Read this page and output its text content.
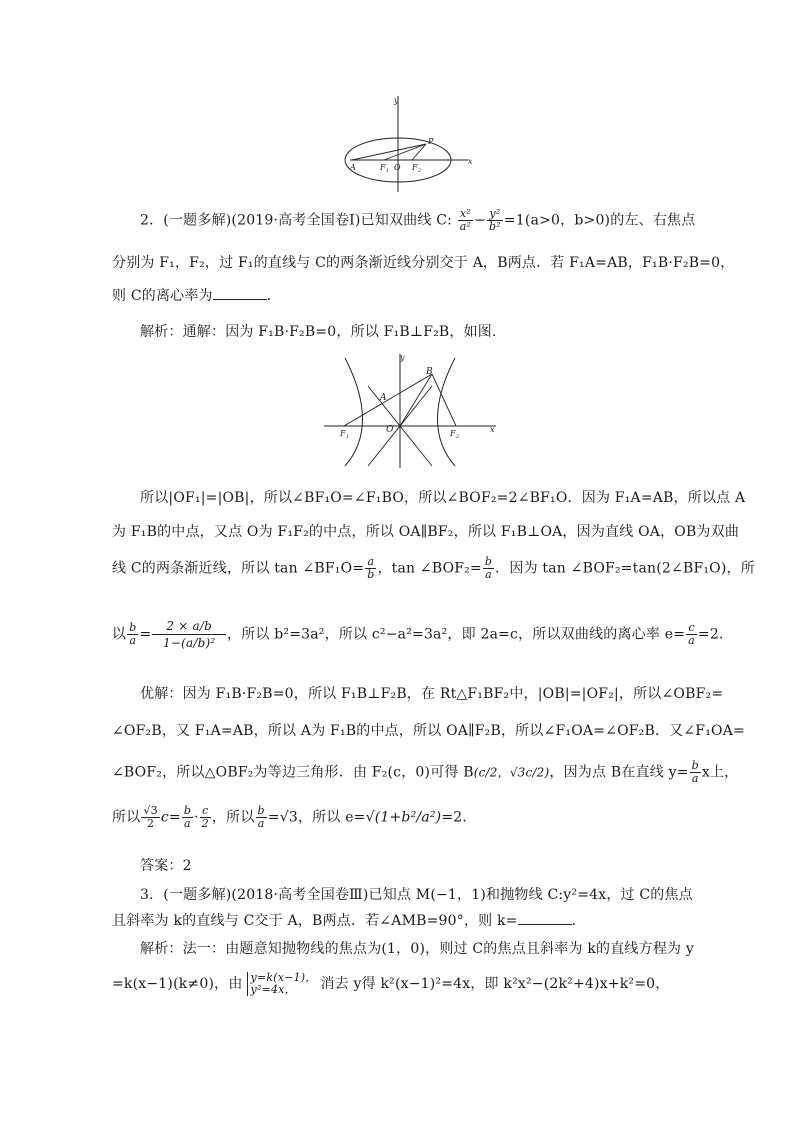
y
x
A	F 1 O F 2
P
2．(一题多解)(2019·高考全国卷Ⅰ)已知双曲线 C: $\frac{\text{x²}}{\text{a²}} - \frac{\text{y²}}{\text{b²}} =1(a>0$，b>0)的左、右焦点
分别为 F₁，F₂，过 F₁的直线与 C的两条渐近线分别交于 A，B两点．若 F₁A=AB，F₁B·F₂B=0，
则 C的离心率为	．
解析：通解：因为 F₁B·F₂B=0，所以 F₁B⊥F₂B，如图．
y
x
A
B
O
F 1	F 2
所以|OF₁|=|OB|，所以∠BF₁O=∠F₁BO，所以∠BOF₂=2∠BF₁O．因为 F₁A=AB，所以点 A
为 F₁B的中点，又点 O为 F₁F₂的中点，所以 OA∥BF₂，所以 F₁B⊥OA，因为直线 OA，OB为双曲
线 C的两条渐近线，所以 tan ∠BF₁O= $\frac{a}{b}$ ，tan ∠BOF₂= $\frac{b}{a}$ ．因为 tan ∠BOF₂=tan(2∠BF₁O)，所
以 $\frac{b}{a} = \frac{2 \times a/b}{\text{1−(a/b)²}}$ ，所以 b²=3a²，所以 c²−a²=3a²，即 2a=c，所以双曲线的离心率 $e= \frac{c}{a} =2$．
优解：因为 F₁B·F₂B=0，所以 F₁B⊥F₂B，在 Rt△F₁BF₂中，|OB|=|OF₂|，所以∠OBF₂=
∠OF₂B，又 F₁A=AB，所以 A为 F₁B的中点，所以 OA∥F₂B，所以∠F₁OA=∠OF₂B．又∠F₁OA=
∠BOF₂，所以△OBF₂为等边三角形．由 F₂(c，0)可得 B(c/2，√3c/2)，因为点 B在直线 $y= \frac{b}{a}$ x上，
所以 $\frac{√3}{2} c= \frac{b}{a} \cdot \frac{c}{2}$ ，所以 $\frac{b}{a} =√3$，所以 e=√(1+b²/a²)=2．
答案：2
3．(一题多解)(2018·高考全国卷Ⅲ)已知点 M(−1，1)和抛物线 C:y²=4x，过 C的焦点
且斜率为 k的直线与 C交于 A，B两点．若∠AMB=90°，则 k=	．
解析：法一：由题意知抛物线的焦点为(1，0)，则过 C的焦点且斜率为 k的直线方程为 y
=k(x−1)(k≠0)，由 y=k(x−1)，
y²=4x，	消去 y得 k²(x−1)²=4x，即 k²x²−(2k²+4)x+k²=0，
